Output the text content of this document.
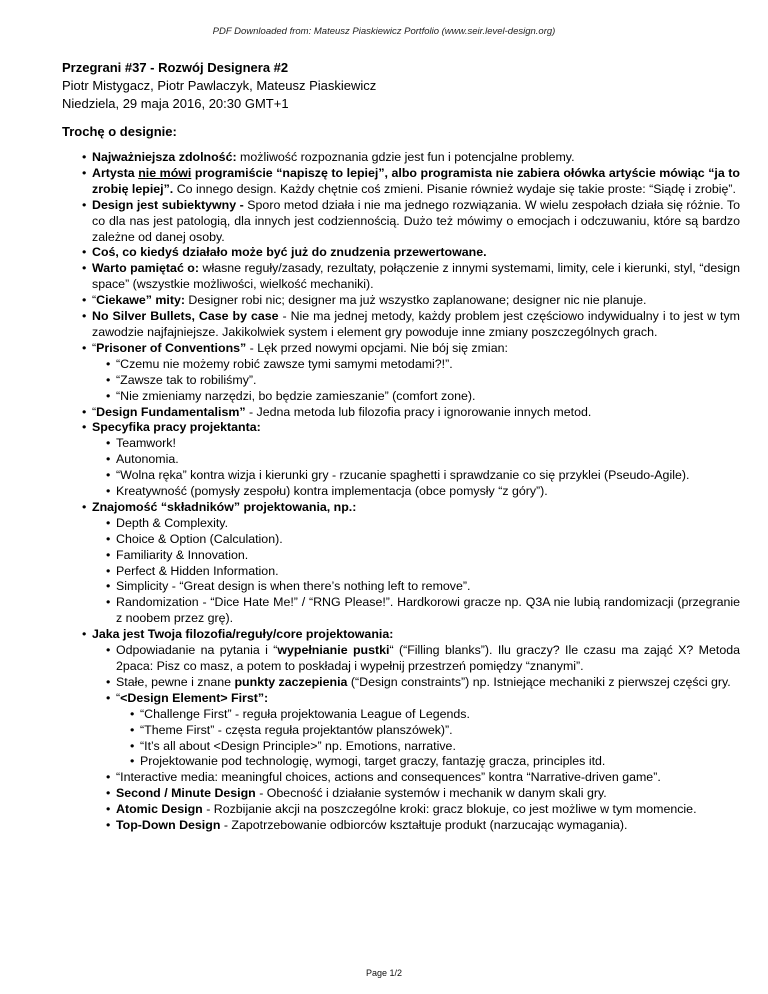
PDF Downloaded from: Mateusz Piaskiewicz Portfolio (www.seir.level-design.org)
Przegrani #37 - Rozwój Designera #2
Piotr Mistygacz, Piotr Pawlaczyk, Mateusz Piaskiewicz
Niedziela, 29 maja 2016, 20:30 GMT+1
Trochę o designie:
• Najważniejsza zdolność: możliwość rozpoznania gdzie jest fun i potencjalne problemy.
• Artysta nie mówi programiście “napiszę to lepiej”, albo programista nie zabiera ołówka artyście mówiąc “ja to zrobię lepiej”. Co innego design. Każdy chętnie coś zmieni. Pisanie również wydaje się takie proste: “Siądę i zrobię”.
• Design jest subiektywny - Sporo metod działa i nie ma jednego rozwiązania. W wielu zespołach działa się różnie. To co dla nas jest patologią, dla innych jest codziennością. Dużo też mówimy o emocjach i odczuwaniu, które są bardzo zależne od danej osoby.
• Coś, co kiedyś działało może być już do znudzenia przewertowane.
• Warto pamiętać o: własne reguły/zasady, rezultaty, połączenie z innymi systemami, limity, cele i kierunki, styl, “design space” (wszystkie możliwości, wielkość mechaniki).
• “Ciekawe” mity: Designer robi nic; designer ma już wszystko zaplanowane; designer nic nie planuje.
• No Silver Bullets, Case by case - Nie ma jednej metody, każdy problem jest częściowo indywidualny i to jest w tym zawodzie najfajniejsze. Jakikolwiek system i element gry powoduje inne zmiany poszczególnych grach.
• “Prisoner of Conventions” - Lęk przed nowymi opcjami. Nie bój się zmian:
• “Czemu nie możemy robić zawsze tymi samymi metodami?!”.
• “Zawsze tak to robiliśmy”.
• “Nie zmieniamy narzędzi, bo będzie zamieszanie” (comfort zone).
• “Design Fundamentalism” - Jedna metoda lub filozofia pracy i ignorowanie innych metod.
• Specyfika pracy projektanta:
• Teamwork!
• Autonomia.
• “Wolna ręka” kontra wizja i kierunki gry - rzucanie spaghetti i sprawdzanie co się przyklei (Pseudo-Agile).
• Kreatywność (pomysły zespołu) kontra implementacja (obce pomysły “z góry”).
• Znajomość “składników” projektowania, np.:
• Depth & Complexity.
• Choice & Option (Calculation).
• Familiarity & Innovation.
• Perfect & Hidden Information.
• Simplicity - “Great design is when there’s nothing left to remove”.
• Randomization - “Dice Hate Me!” / “RNG Please!”. Hardkorowi gracze np. Q3A nie lubią randomizacji (przegranie z noobem przez grę).
• Jaka jest Twoja filozofia/reguły/core projektowania:
• Odpowiadanie na pytania i “wypełnianie pustki“ (“Filling blanks”). Ilu graczy? Ile czasu ma zająć X? Metoda 2paca: Pisz co masz, a potem to poskładaj i wypełnij przestrzeń pomiędzy “znanymi”.
• Stałe, pewne i znane punkty zaczepienia (“Design constraints”) np. Istniejące mechaniki z pierwszej części gry.
• “<Design Element> First”:
• “Challenge First” - reguła projektowania League of Legends.
• “Theme First” - częsta reguła projektantów planszówek)”.
• “It’s all about <Design Principle>” np. Emotions, narrative.
• Projektowanie pod technologię, wymogi, target graczy, fantazję gracza, principles itd.
• “Interactive media: meaningful choices, actions and consequences” kontra “Narrative-driven game”.
• Second / Minute Design - Obecność i działanie systemów i mechanik w danym skali gry.
• Atomic Design - Rozbijanie akcji na poszczególne kroki: gracz blokuje, co jest możliwe w tym momencie.
• Top-Down Design - Zapotrzebowanie odbiorców kształtuje produkt (narzucając wymagania).
Page 1/2
